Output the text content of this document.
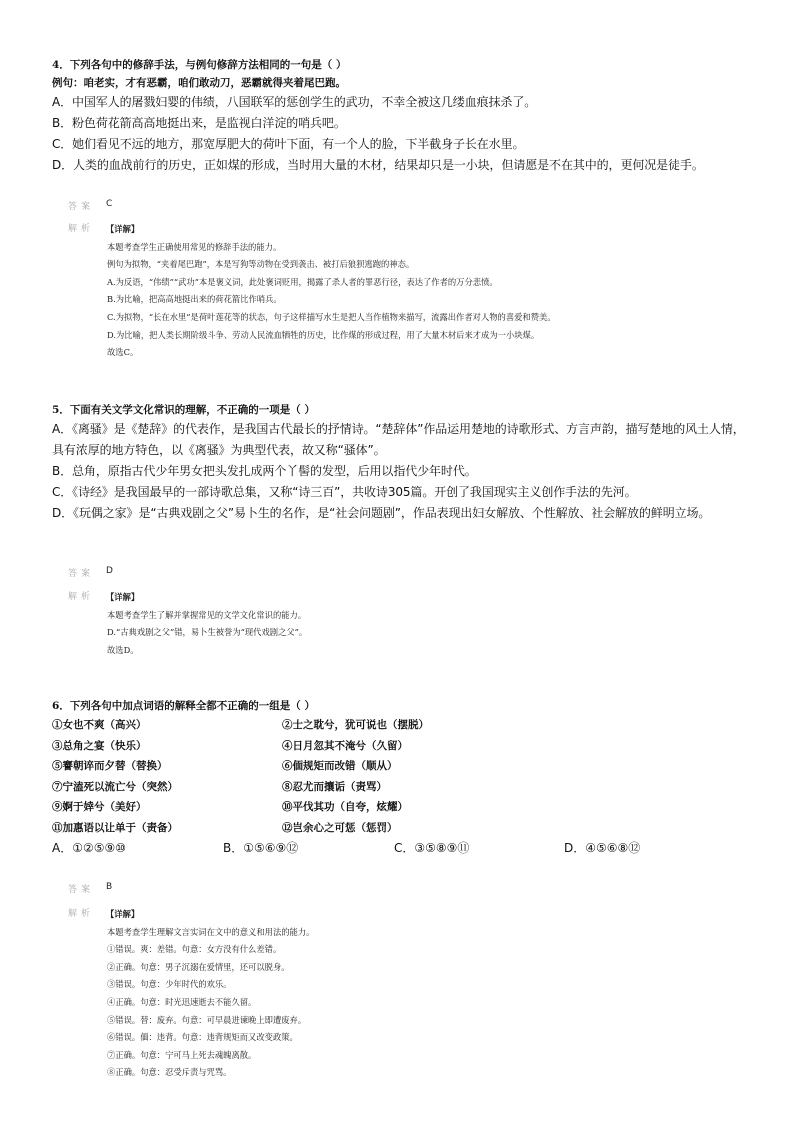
4．下列各句中的修辞手法，与例句修辞方法相同的一句是（ ）
例句：咱老实，才有恶霸，咱们敢动刀，恶霸就得夹着尾巴跑。
A．中国军人的屠戮妇婴的伟绩，八国联军的惩创学生的武功，不幸全被这几缕血痕抹杀了。
B．粉色荷花箭高高地挺出来，是监视白洋淀的哨兵吧。
C．她们看见不远的地方，那宽厚肥大的荷叶下面，有一个人的脸，下半截身子长在水里。
D．人类的血战前行的历史，正如煤的形成，当时用大量的木材，结果却只是一小块，但请愿是不在其中的，更何况是徒手。
答案 C
解析 【详解】
本题考查学生正确使用常见的修辞手法的能力。
例句为拟物，“夹着尾巴跑”，本是写狗等动物在受到袭击、被打后狼狈逃跑的神态。
A.为反语，“伟绩”“武功”本是褒义词，此处褒词贬用，揭露了杀人者的罪恶行径，表达了作者的万分悲愤。
B.为比喻，把高高地挺出来的荷花箭比作哨兵。
C.为拟物，“长在水里”是荷叶莲花等的状态，句子这样描写水生是把人当作植物来描写，流露出作者对人物的喜爱和赞美。
D.为比喻，把人类长期阶级斗争、劳动人民流血牺牲的历史，比作煤的形成过程，用了大量木材后来才成为一小块煤。
故选C。
5．下面有关文学文化常识的理解，不正确的一项是（ ）
A．《离骚》是《楚辞》的代表作，是我国古代最长的抒情诗。“楚辞体”作品运用楚地的诗歌形式、方言声韵，描写楚地的风土人情，具有浓厚的地方特色，以《离骚》为典型代表，故又称“骚体”。
B．总角，原指古代少年男女把头发扎成两个丫髻的发型，后用以指代少年时代。
C．《诗经》是我国最早的一部诗歌总集，又称“诗三百”，共收诗305篇。开创了我国现实主义创作手法的先河。
D．《玩偶之家》是“古典戏剧之父”易卜生的名作，是“社会问题剧”，作品表现出妇女解放、个性解放、社会解放的鲜明立场。
答案 D
解析 【详解】
本题考查学生了解并掌握常见的文学文化常识的能力。
D.“古典戏剧之父”错，易卜生被誉为“现代戏剧之父”。
故选D。
6．下列各句中加点词语的解释全都不正确的一组是（ ）
①女也不爽（高兴）	②士之耽兮，犹可说也（摆脱）
③总角之宴（快乐）	④日月忽其不淹兮（久留）
⑤謇朝谇而夕替（替换）	⑥偭规矩而改错（顺从）
⑦宁溘死以流亡兮（突然）	⑧忍尤而攘诟（责骂）
⑨婀于婞兮（美好）	⑩平伐其功（自夸，炫耀）
⑪加惠语以让单于（责备）	⑫岂余心之可惩（惩罚）
A．①②⑤⑨⑩	B．①⑤⑥⑨⑫	C．③⑤⑧⑨⑪	D．④⑤⑥⑧⑫
答案 B
解析 【详解】
本题考查学生理解文言实词在文中的意义和用法的能力。
①错误。爽：差错。句意：女方没有什么差错。
②正确。句意：男子沉溺在爱情里，还可以脱身。
③错误。句意：少年时代的欢乐。
④正确。句意：时光迅速逝去不能久留。
⑤错误。替：废弃。句意：可早晨进谏晚上即遭废弃。
⑥错误。偭：违背。句意：违背规矩而又改变政策。
⑦正确。句意：宁可马上死去魂魄离散。
⑧正确。句意：忍受斥责与咒骂。
